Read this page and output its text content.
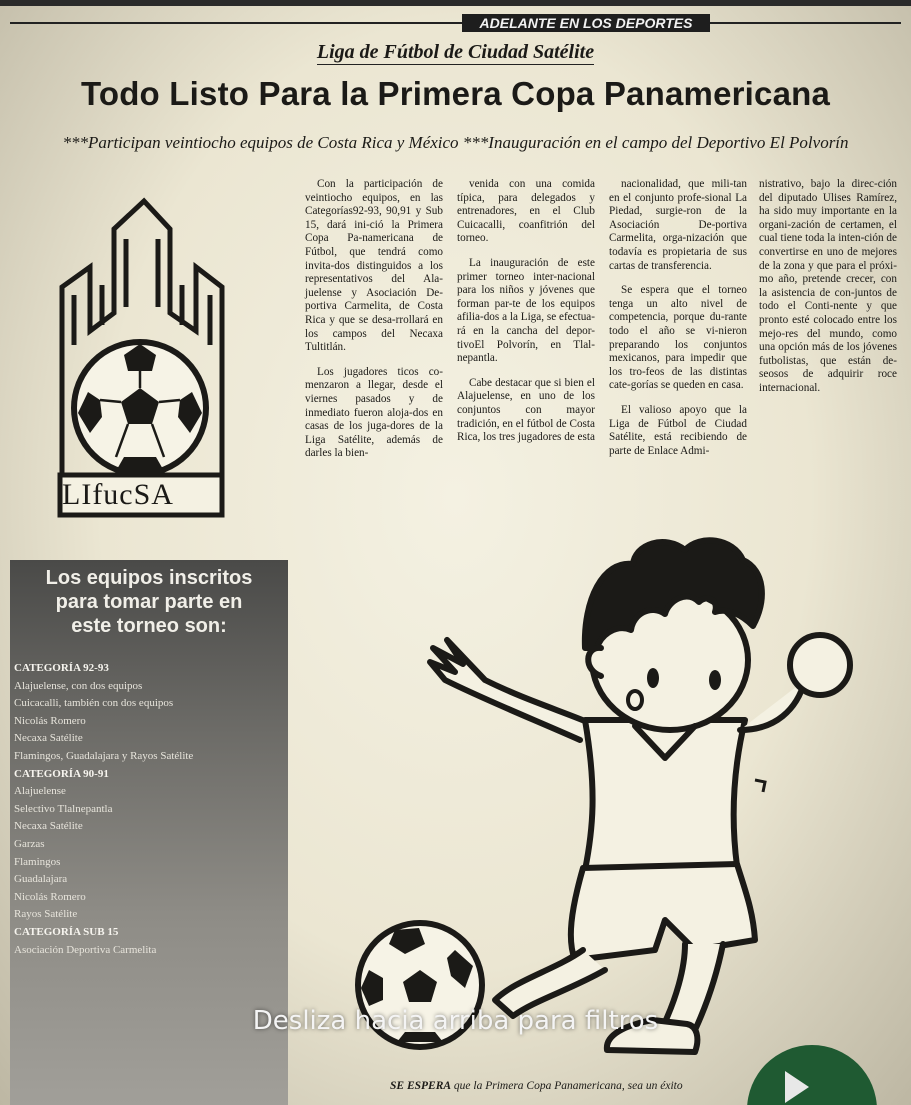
ADELANTE EN LOS DEPORTES
Liga de Fútbol de Ciudad Satélite
Todo Listo Para la Primera Copa Panamericana
***Participan veintiocho equipos de Costa Rica y México ***Inauguración en el campo del Deportivo El Polvorín
LIfucSA

Con la participación de veintiocho equipos, en las Categorías92-93, 90,91 y Sub 15, dará ini-ció la Primera Copa Pa-namericana de Fútbol, que tendrá como invita-dos distinguidos a los representativos del Ala-juelense y Asociación De-portiva Carmelita, de Costa Rica y que se desa-rrollará en los campos del Necaxa Tultitlán.

Los jugadores ticos co-menzaron a llegar, desde el viernes pasados y de inmediato fueron aloja-dos en casas de los juga-dores de la Liga Satélite, además de darles la bien-

venida con una comida típica, para delegados y entrenadores, en el Club Cuicacalli, coanfitrión del torneo.

La inauguración de este primer torneo inter-nacional para los niños y jóvenes que forman par-te de los equipos afilia-dos a la Liga, se efectua-rá en la cancha del depor-tivoEl Polvorín, en Tlal-nepantla.

Cabe destacar que si bien el Alajuelense, en uno de los conjuntos con mayor tradición, en el fútbol de Costa Rica, los tres jugadores de esta

nacionalidad, que mili-tan en el conjunto profe-sional La Piedad, surgie-ron de la Asociación De-portiva Carmelita, orga-nización que todavía es propietaria de sus cartas de transferencia.

Se espera que el torneo tenga un alto nivel de competencia, porque du-rante todo el año se vi-nieron preparando los conjuntos mexicanos, para impedir que los tro-feos de las distintas cate-gorías se queden en casa.

El valioso apoyo que la Liga de Fútbol de Ciudad Satélite, está recibiendo de parte de Enlace Admi-

nistrativo, bajo la direc-ción del diputado Ulises Ramírez, ha sido muy importante en la organi-zación de certamen, el cual tiene toda la inten-ción de convertirse en uno de mejores de la zona y que para el próxi-mo año, pretende crecer, con la asistencia de con-juntos de todo el Conti-nente y que pronto esté colocado entre los mejo-res del mundo, como una opción más de los jóvenes futbolistas, que están de-seosos de adquirir roce internacional.

Los equipos inscritos
para tomar parte en
este torneo son:
CATEGORÍA 92-93
Alajuelense, con dos equipos
Cuicacalli, también con dos equipos
Nicolás Romero
Necaxa Satélite
Flamingos, Guadalajara y Rayos Satélite
CATEGORÍA 90-91
Alajuelense
Selectivo Tlalnepantla
Necaxa Satélite
Garzas
Flamingos
Guadalajara
Nicolás Romero
Rayos Satélite
CATEGORÍA SUB 15
Asociación Deportiva Carmelita
Desliza hacia arriba para filtros
SE ESPERA que la Primera Copa Panamericana, sea un éxito
